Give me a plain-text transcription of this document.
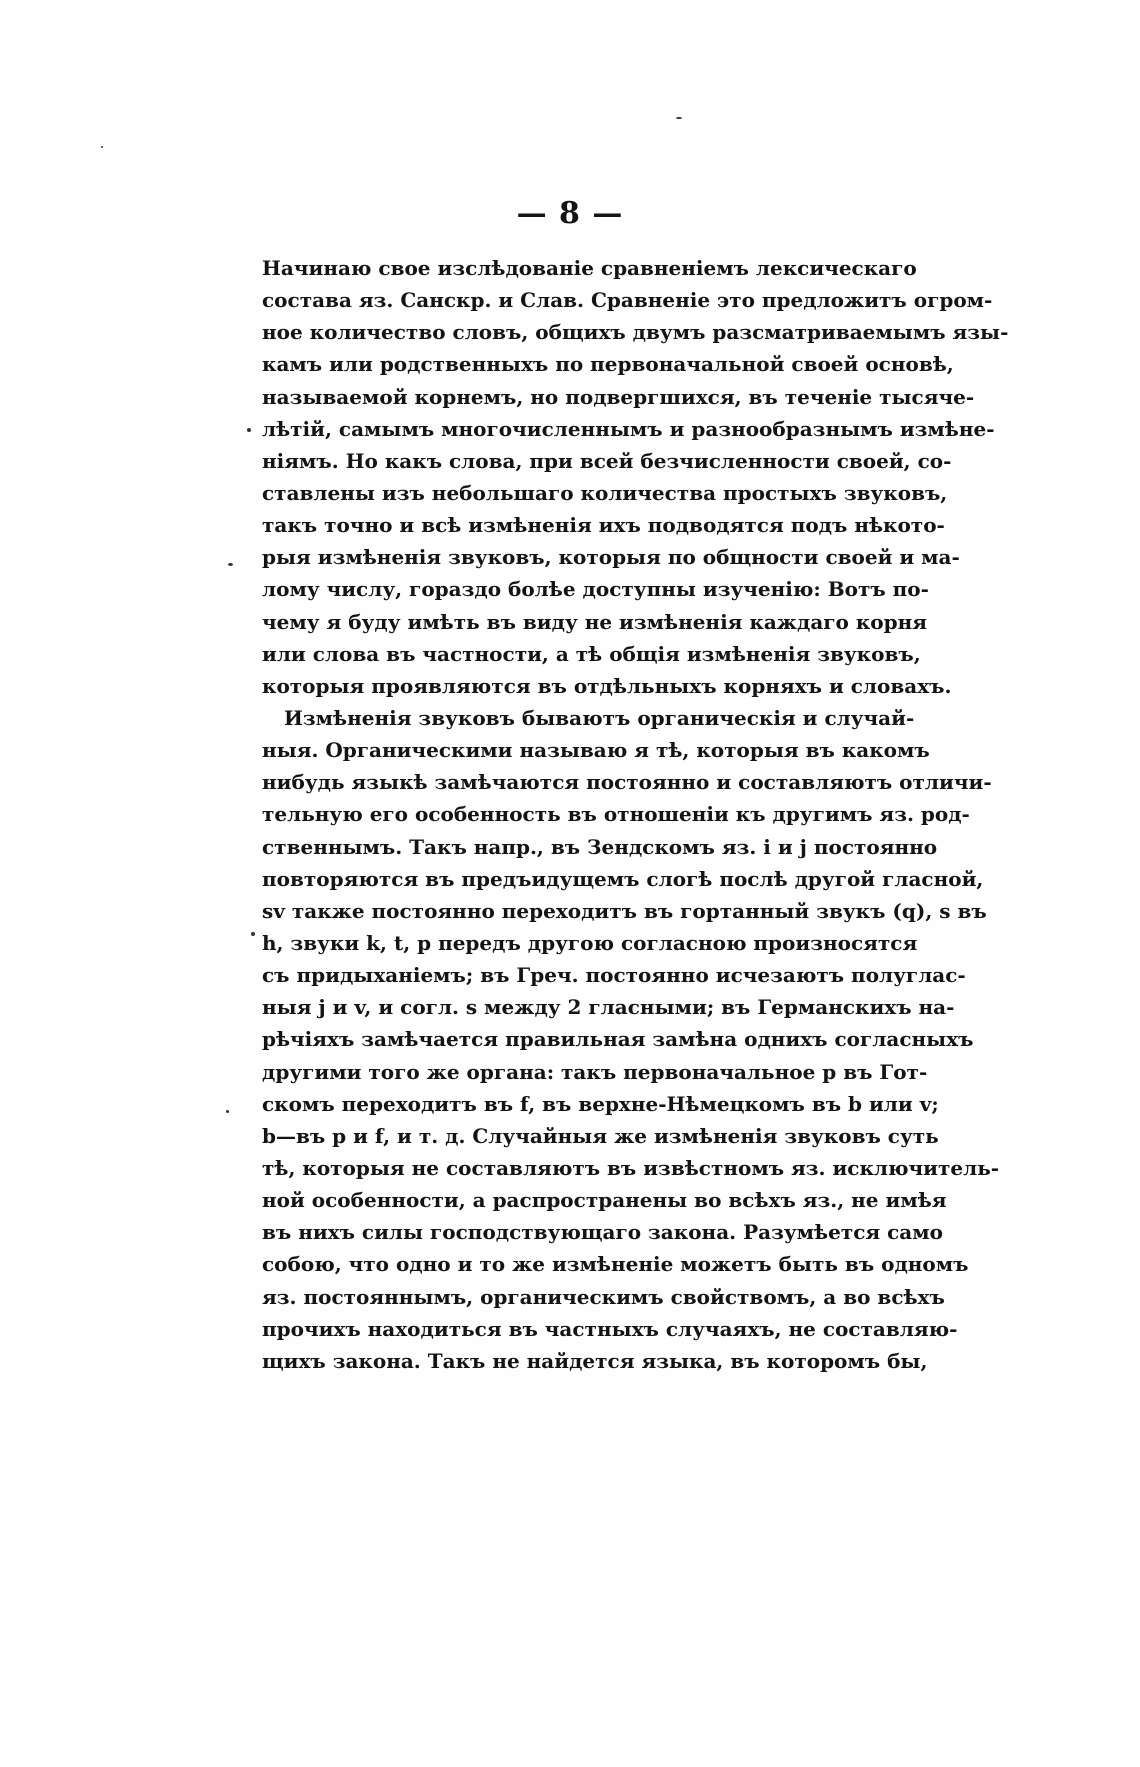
— 8 —
Начинаю свое изслѣдованіе сравненіемъ лексическаго
состава яз. Санскр. и Слав. Сравненіе это предложитъ огром-
ное количество словъ, общихъ двумъ разсматриваемымъ язы-
камъ или родственныхъ по первоначальной своей основѣ,
называемой корнемъ, но подвергшихся, въ теченіе тысяче-
лѣтій, самымъ многочисленнымъ и разнообразнымъ измѣне-
ніямъ. Но какъ слова, при всей безчисленности своей, со-
ставлены изъ небольшаго количества простыхъ звуковъ,
такъ точно и всѣ измѣненія ихъ подводятся подъ нѣкото-
рыя измѣненія звуковъ, которыя по общности своей и ма-
лому числу, гораздо болѣе доступны изученію: Вотъ по-
чему я буду имѣть въ виду не измѣненія каждаго корня
или слова въ частности, а тѣ общія измѣненія звуковъ,
которыя проявляются въ отдѣльныхъ корняхъ и словахъ.
Измѣненія звуковъ бываютъ органическія и случай-
ныя. Органическими называю я тѣ, которыя въ какомъ
нибудь языкѣ замѣчаются постоянно и составляютъ отличи-
тельную его особенность въ отношеніи къ другимъ яз. род-
ственнымъ. Такъ напр., въ Зендскомъ яз. i и j постоянно
повторяются въ предъидущемъ слогѣ послѣ другой гласной,
sv также постоянно переходитъ въ гортанный звукъ (q), s въ
h, звуки k, t, p передъ другою согласною произносятся
съ придыханіемъ; въ Греч. постоянно исчезаютъ полуглас-
ныя j и v, и согл. s между 2 гласными; въ Германскихъ на-
рѣчіяхъ замѣчается правильная замѣна однихъ согласныхъ
другими того же органа: такъ первоначальное p въ Гот-
скомъ переходитъ въ f, въ верхне-Нѣмецкомъ въ b или v;
b—въ p и f, и т. д. Случайныя же измѣненія звуковъ суть
тѣ, которыя не составляютъ въ извѣстномъ яз. исключитель-
ной особенности, а распространены во всѣхъ яз., не имѣя
въ нихъ силы господствующаго закона. Разумѣется само
собою, что одно и то же измѣненіе можетъ быть въ одномъ
яз. постояннымъ, органическимъ свойствомъ, а во всѣхъ
прочихъ находиться въ частныхъ случаяхъ, не составляю-
щихъ закона. Такъ не найдется языка, въ которомъ бы,
